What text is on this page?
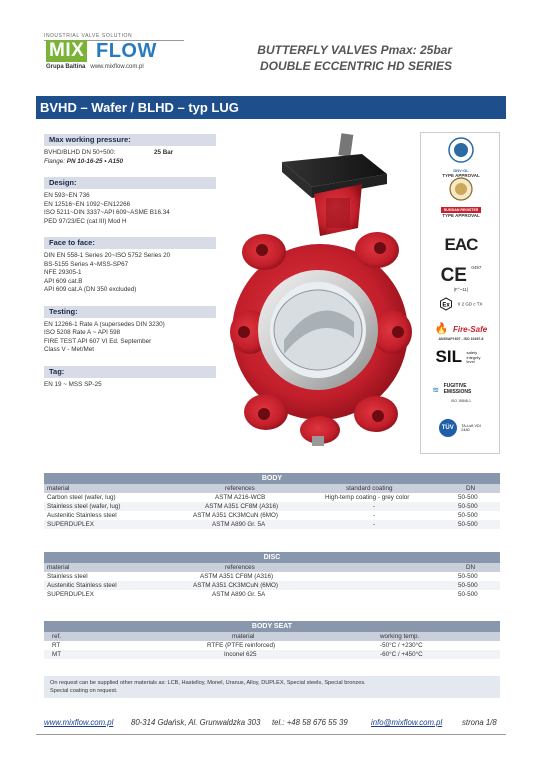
INDUSTRIAL VALVE SOLUTION
MIX FLOW
Grupa Baltina www.mixflow.com.pl
BUTTERFLY VALVES Pmax: 25bar
DOUBLE ECCENTRIC HD SERIES
BVHD – Wafer / BLHD – typ LUG
Max working pressure:
BVHD/BLHD DN 50÷500:	25 Bar
Flange: PN 10-16-25 • A150
Design:
EN 593~EN 736
EN 12516~EN 1092~EN12266
ISO 5211~DIN 3337~API 609~ASME B16.34
PED 97/23/EC (cat III) Mod H
Face to face:
DIN EN 558-1 Series 20~ISO 5752 Series 20
BS-5155 Series 4~MSS-SP67
NFE 29305-1
API 609 cat.B
API 609 cat.A (DN 350 excluded)
Testing:
EN 12266-1 Rate A (supersedes DIN 3230)
ISO 5208 Rate A ~ API 598
FIRE TEST API 607 VI Ed. September
Class V - Met/Met
Tag:
EN 19 ~ MSS SP-25
DNV·GL
TYPE APPROVAL
RUSSIAN REGISTER
TYPE APPROVAL
EAC
CE $^{0497}$
(F°~11)
Ex II 2 GD c TX
🔥 Fire-Safe
ANSI/API 607 - ISO 10497-6
SIL safety integrity level
≋ FUGITIVE EMISSIONS
ISO 15848-1
TÜV TA-Luft VDI 2440
BODY
material	references	standard coating	DN
Carbon steel (wafer, lug)	ASTM A216-WCB	High-temp coating - grey color	50-500
Stainless steel (wafer, lug)	ASTM A351 CF8M (A316)	-	50-500
Austenitic Stainless steel	ASTM A351 CK3MCuN (6MO)	-	50-500
SUPERDUPLEX	ASTM A890 Gr. 5A	-	50-500
DISC
material	references	DN
Stainless steel	ASTM A351 CF8M (A316)	50-500
Austenitic Stainless steel	ASTM A351 CK3MCuN (6MO)	50-500
SUPERDUPLEX	ASTM A890 Gr. 5A	50-500
BODY SEAT
ref.	material	working temp.
RT	RTFE (PTFE reinforced)	-50°C / +230°C
MT	Inconel 625	-60°C / +450°C
On request can be supplied other materials as: LCB, Hastelloy, Monel, Uranus, Alloy, DUPLEX, Special steels, Special bronzes.
Special coating on request.
www.mixflow.com.pl 80-314 Gdańsk, Al. Grunwaldzka 303 tel.: +48 58 676 55 39	info@mixflow.com.pl	strona 1/8
